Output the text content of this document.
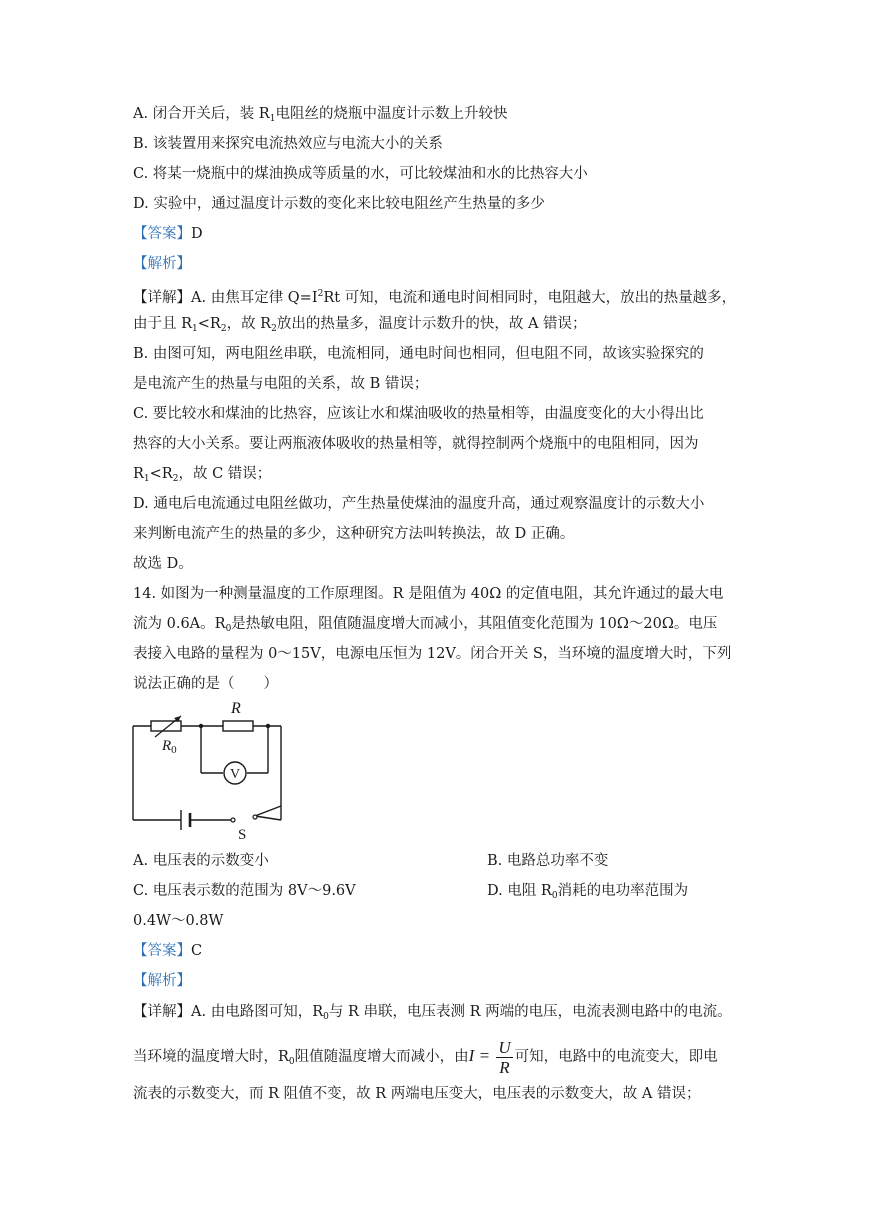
A. 闭合开关后，装 $R_1$电阻丝的烧瓶中温度计示数上升较快
B. 该装置用来探究电流热效应与电流大小的关系
C. 将某一烧瓶中的煤油换成等质量的水，可比较煤油和水的比热容大小
D. 实验中，通过温度计示数的变化来比较电阻丝产生热量的多少
【答案】D
【解析】
【详解】A. 由焦耳定律 $Q=I^2Rt$ 可知，电流和通电时间相同时，电阻越大，放出的热量越多，
由于且 $R_1<R_2$，故 $R_2$放出的热量多，温度计示数升的快，故 A 错误；
B. 由图可知，两电阻丝串联，电流相同，通电时间也相同，但电阻不同，故该实验探究的
是电流产生的热量与电阻的关系，故 B 错误；
C. 要比较水和煤油的比热容，应该让水和煤油吸收的热量相等，由温度变化的大小得出比
热容的大小关系。要让两瓶液体吸收的热量相等，就得控制两个烧瓶中的电阻相同，因为
$R_1<R_2$，故 C 错误；
D. 通电后电流通过电阻丝做功，产生热量使煤油的温度升高，通过观察温度计的示数大小
来判断电流产生的热量的多少，这种研究方法叫转换法，故 D 正确。
故选 D。
14. 如图为一种测量温度的工作原理图。R 是阻值为 40Ω 的定值电阻，其允许通过的最大电
流为 0.6A。$R_0$是热敏电阻，阻值随温度增大而减小，其阻值变化范围为 10Ω～20Ω。电压
表接入电路的量程为 0～15V，电源电压恒为 12V。闭合开关 S，当环境的温度增大时，下列
说法正确的是（　　）
V
R
$R_0$
S
A. 电压表的示数变小	B. 电路总功率不变
C. 电压表示数的范围为 8V～9.6V	D. 电阻 $R_0$消耗的电功率范围为
0.4W～0.8W
【答案】C
【解析】
【详解】A. 由电路图可知，$R_0$与 R 串联，电压表测 R 两端的电压，电流表测电路中的电流。
当环境的温度增大时，$R_0$阻值随温度增大而减小，由$I = \frac{U}{R}$ 可知，电路中的电流变大，即电
流表的示数变大，而 R 阻值不变，故 R 两端电压变大，电压表的示数变大，故 A 错误；
